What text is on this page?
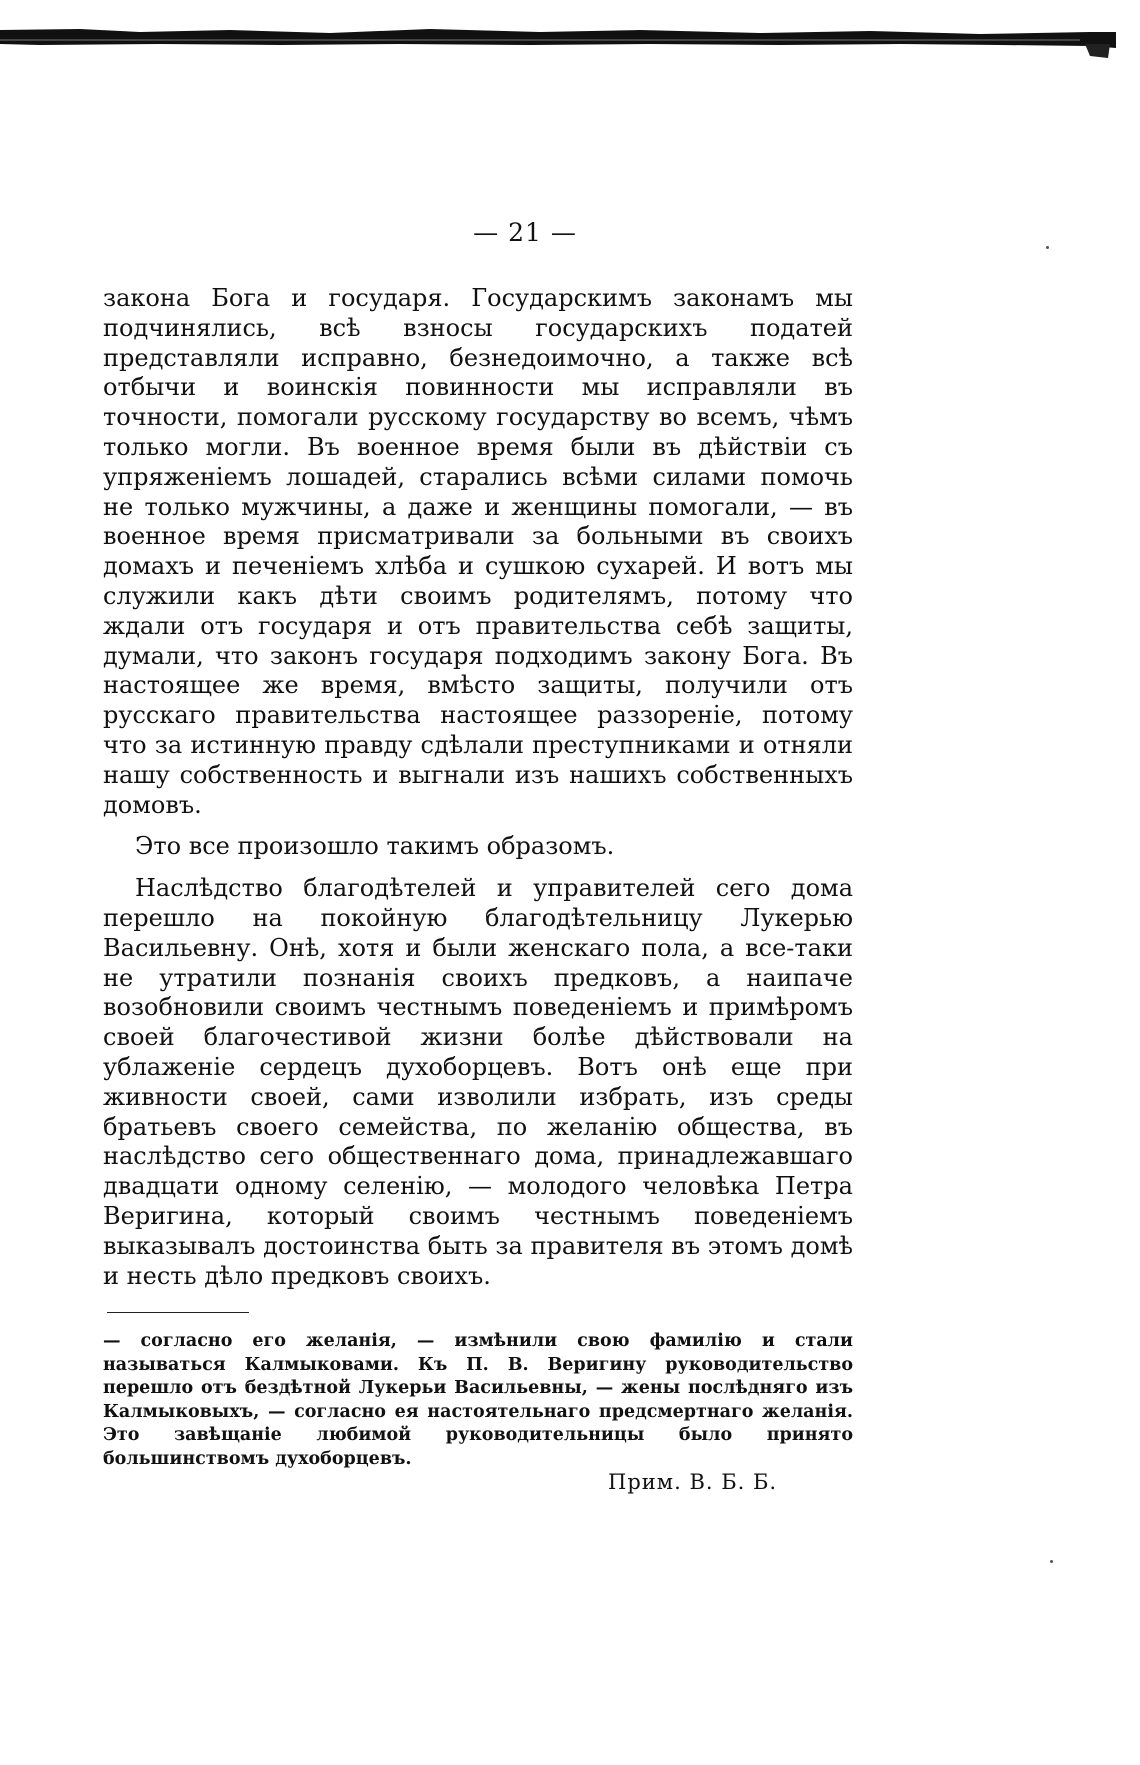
— 21 —

закона Бога и государя. Государскимъ законамъ мы подчинялись, всѣ взносы государскихъ податей представляли исправно, безнедоимочно, а также всѣ отбычи и воинскія повинности мы исправляли въ точности, помогали русскому государству во всемъ, чѣмъ только могли. Въ военное время были въ дѣйствіи съ упряженіемъ лошадей, старались всѣми силами помочь не только мужчины, а даже и женщины помогали, — въ военное время присматривали за больными въ своихъ домахъ и печеніемъ хлѣба и сушкою сухарей. И вотъ мы служили какъ дѣти своимъ родителямъ, потому что ждали отъ государя и отъ правительства себѣ защиты, думали, что законъ государя подходимъ закону Бога. Въ настоящее же время, вмѣсто защиты, получили отъ русскаго правительства настоящее раззореніе, потому что за истинную правду сдѣлали преступниками и отняли нашу собственность и выгнали изъ нашихъ собственныхъ домовъ.

Это все произошло такимъ образомъ.

Наслѣдство благодѣтелей и управителей сего дома перешло на покойную благодѣтельницу Лукерью Васильевну. Онѣ, хотя и были женскаго пола, а все-таки не утратили познанія своихъ предковъ, а наипаче возобновили своимъ честнымъ поведеніемъ и примѣромъ своей благочестивой жизни болѣе дѣйствовали на ублаженіе сердецъ духоборцевъ. Вотъ онѣ еще при живности своей, сами изволили избрать, изъ среды братьевъ своего семейства, по желанію общества, въ наслѣдство сего общественнаго дома, принадлежавшаго двадцати одному селенію, — молодого человѣка Петра Веригина, который своимъ честнымъ поведеніемъ выказывалъ достоинства быть за правителя въ этомъ домѣ и несть дѣло предковъ своихъ.

— согласно его желанія, — измѣнили свою фамилію и стали называться Калмыковами. Къ П. В. Веригину руководительство перешло отъ бездѣтной Лукерьи Васильевны, — жены послѣдняго изъ Калмыковыхъ, — согласно ея настоятельнаго предсмертнаго желанія. Это завѣщаніе любимой руководительницы было принято большинствомъ духоборцевъ.
Прим. В. Б. Б.
